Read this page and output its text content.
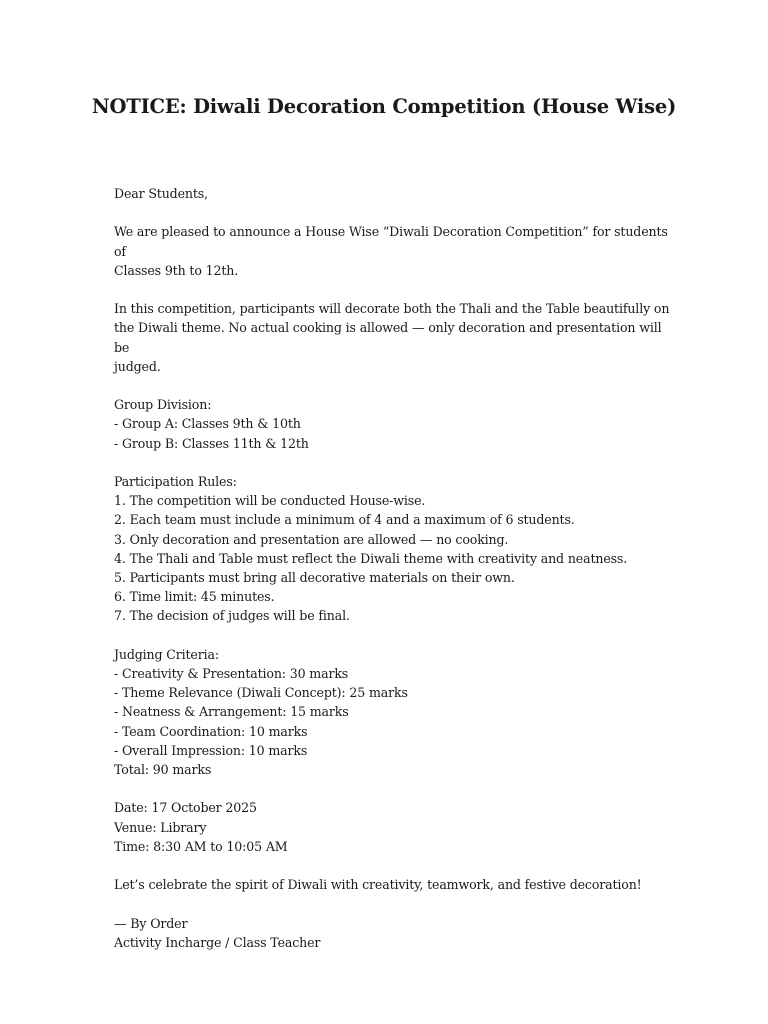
NOTICE: Diwali Decoration Competition (House Wise)

Dear Students,

We are pleased to announce a House Wise “Diwali Decoration Competition” for students of
Classes 9th to 12th.
In this competition, participants will decorate both the Thali and the Table beautifully on
the Diwali theme. No actual cooking is allowed — only decoration and presentation will be
judged.
Group Division:
- Group A: Classes 9th & 10th
- Group B: Classes 11th & 12th
Participation Rules:
1. The competition will be conducted House-wise.
2. Each team must include a minimum of 4 and a maximum of 6 students.
3. Only decoration and presentation are allowed — no cooking.
4. The Thali and Table must reflect the Diwali theme with creativity and neatness.
5. Participants must bring all decorative materials on their own.
6. Time limit: 45 minutes.
7. The decision of judges will be final.
Judging Criteria:
- Creativity & Presentation: 30 marks
- Theme Relevance (Diwali Concept): 25 marks
- Neatness & Arrangement: 15 marks
- Team Coordination: 10 marks
- Overall Impression: 10 marks
Total: 90 marks
Date: 17 October 2025
Venue: Library
Time: 8:30 AM to 10:05 AM

Let’s celebrate the spirit of Diwali with creativity, teamwork, and festive decoration!

— By Order
Activity Incharge / Class Teacher
